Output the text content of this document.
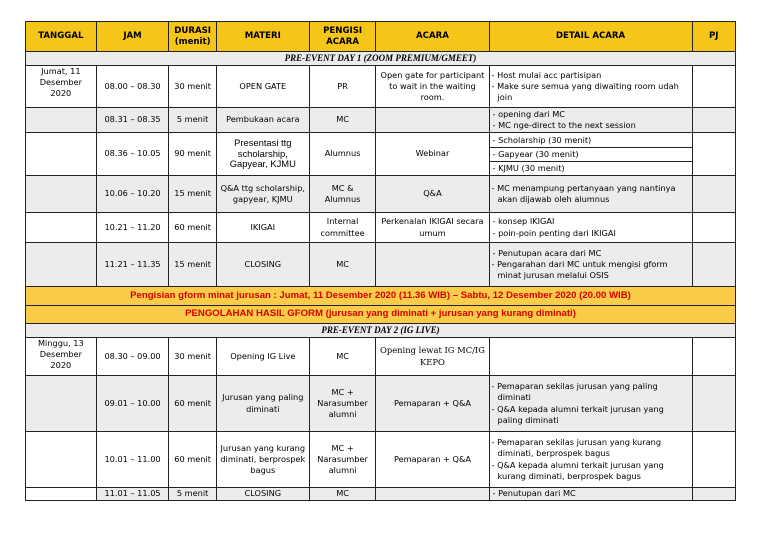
TANGGAL	JAM	DURASI (menit)	MATERI	PENGISI ACARA	ACARA	DETAIL ACARA	PJ
PRE-EVENT DAY 1 (ZOOM PREMIUM/GMEET)							
Jumat, 11 Desember 2020	08.00 – 08.30	30 menit	OPEN GATE	PR	Open gate for participant to wait in the waiting room.	- Host mulai acc partisipan
- Make sure semua yang diwaiting room udah join	

	08.31 – 08.35	5 menit	Pembukaan acara	MC		- opening dari MC
- MC nge-direct to the next session	

	08.36 – 10.05	90 menit	Presentasi ttg scholarship, Gapyear, KJMU	Alumnus	Webinar	- Scholarship (30 menit)
- Gapyear (30 menit)
- KJMU (30 menit)	

	10.06 – 10.20	15 menit	Q&A ttg scholarship, gapyear, KJMU	MC & Alumnus	Q&A	- MC menampung pertanyaan yang nantinya akan dijawab oleh alumnus	

	10.21 – 11.20	60 menit	IKIGAI	Internal committee	Perkenalan IKIGAI secara umum	- konsep IKIGAI
- poin-poin penting dari IKIGAI	

	11.21 – 11.35	15 menit	CLOSING	MC		- Penutupan acara dari MC
- Pengarahan dari MC untuk mengisi gform minat jurusan melalui OSIS	

Pengisian gform minat jurusan : Jumat, 11 Desember 2020 (11.36 WIB) – Sabtu, 12 Desember 2020 (20.00 WIB)							
PENGOLAHAN HASIL GFORM (jurusan yang diminati + jurusan yang kurang diminati)							
PRE-EVENT DAY 2 (IG LIVE)							
Minggu, 13 Desember 2020	08.30 – 09.00	30 menit	Opening IG Live	MC	Opening lewat IG MC/IG KEPO		
	09.01 – 10.00	60 menit	Jurusan yang paling diminati	MC + Narasumber alumni	Pemaparan + Q&A	- Pemaparan sekilas jurusan yang paling diminati
- Q&A kepada alumni terkait jurusan yang paling diminati	

	10.01 – 11.00	60 menit	Jurusan yang kurang diminati, berprospek bagus	MC + Narasumber alumni	Pemaparan + Q&A	- Pemaparan sekilas jurusan yang kurang diminati, berprospek bagus
- Q&A kepada alumni terkait jurusan yang kurang diminati, berprospek bagus	

	11.01 – 11.05	5 menit	CLOSING	MC		- Penutupan dari MC	
